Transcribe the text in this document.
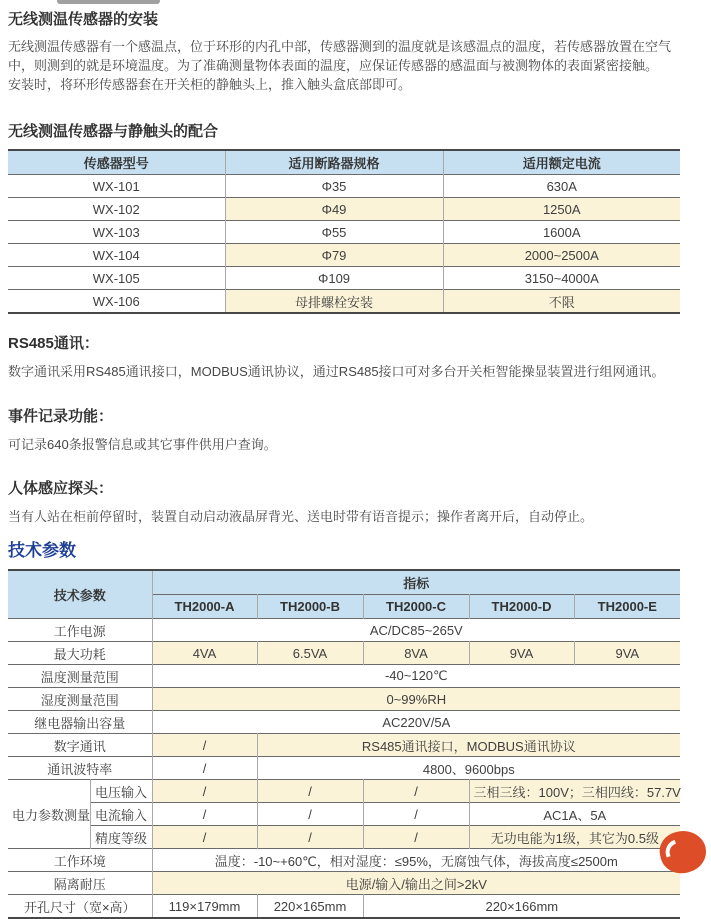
无线测温传感器的安装

无线测温传感器有一个感温点，位于环形的内孔中部，传感器测到的温度就是该感温点的温度，若传感器放置在空气中，则测到的就是环境温度。为了准确测量物体表面的温度，应保证传感器的感温面与被测物体的表面紧密接触。

安装时，将环形传感器套在开关柜的静触头上，推入触头盒底部即可。

无线测温传感器与静触头的配合
传感器型号	适用断路器规格	适用额定电流
WX-101	Φ35	630A
WX-102	Φ49	1250A
WX-103	Φ55	1600A
WX-104	Φ79	2000~2500A
WX-105	Φ109	3150~4000A
WX-106	母排螺栓安装	不限
RS485通讯：

数字通讯采用RS485通讯接口，MODBUS通讯协议，通过RS485接口可对多台开关柜智能操显装置进行组网通讯。

事件记录功能：

可记录640条报警信息或其它事件供用户查询。

人体感应探头：

当有人站在柜前停留时，装置自动启动液晶屏背光、送电时带有语音提示；操作者离开后，自动停止。

技术参数
技术参数		指标				
		TH2000-A	TH2000-B	TH2000-C	TH2000-D	TH2000-E
工作电源		AC/DC85~265V				
最大功耗		4VA	6.5VA	8VA	9VA	9VA
温度测量范围		-40~120℃				
湿度测量范围		0~99%RH				
继电器输出容量		AC220V/5A				
数字通讯		/	RS485通讯接口，MODBUS通讯协议			
通讯波特率		/	4800、9600bps			
电力参数测量	电压输入	/	/	/	三相三线：100V；三相四线：57.7V	
	电流输入	/	/	/	AC1A、5A	
	精度等级	/	/	/	无功电能为1级，其它为0.5级	
工作环境		温度：-10~+60℃，相对湿度：≤95%，无腐蚀气体，海拔高度≤2500m				
隔离耐压		电源/输入/输出之间>2kV				
开孔尺寸（宽×高）		119×179mm	220×165mm	220×166mm		
